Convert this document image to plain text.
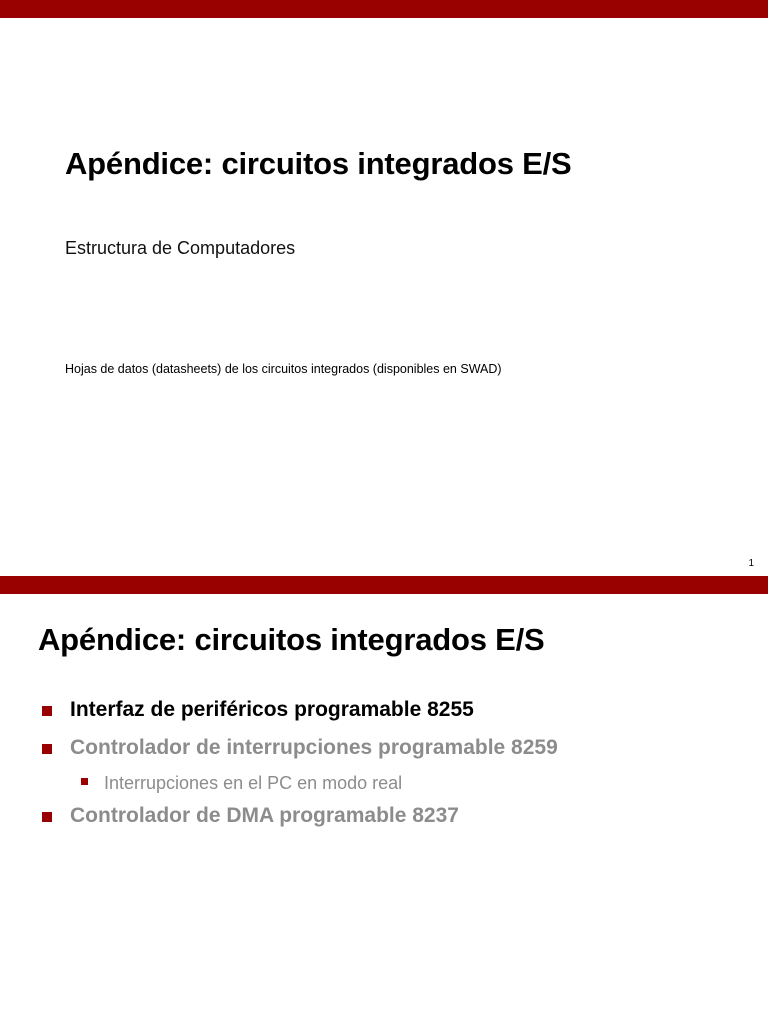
Apéndice: circuitos integrados E/S
Estructura de Computadores
Hojas de datos (datasheets) de los circuitos integrados (disponibles en SWAD)
1
Apéndice: circuitos integrados E/S
Interfaz de periféricos programable 8255
Controlador de interrupciones programable 8259
Interrupciones en el PC en modo real
Controlador de DMA programable 8237
